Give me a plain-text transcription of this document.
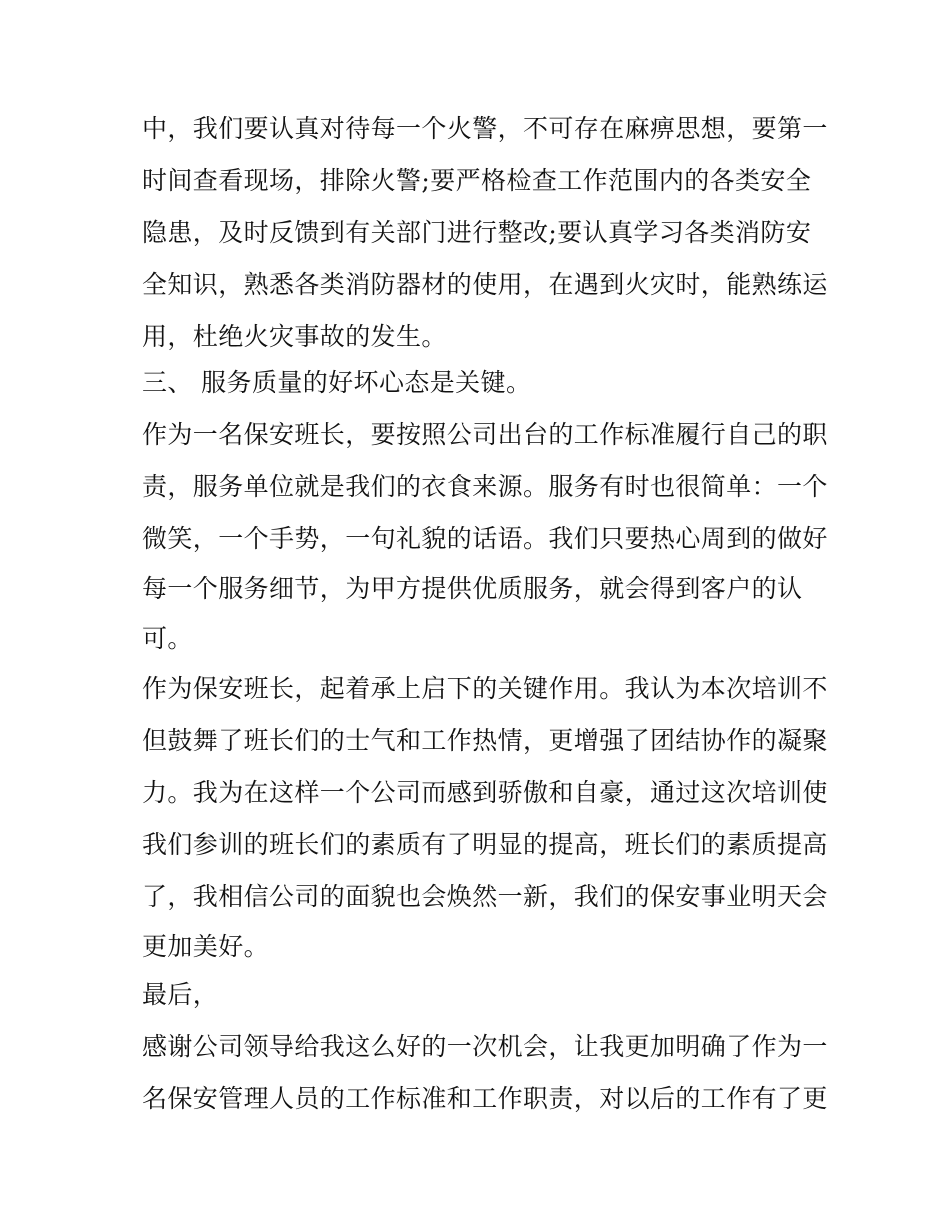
中，我们要认真对待每一个火警，不可存在麻痹思想，要第一
时间查看现场，排除火警;要严格检查工作范围内的各类安全
隐患，及时反馈到有关部门进行整改;要认真学习各类消防安
全知识，熟悉各类消防器材的使用，在遇到火灾时，能熟练运
用，杜绝火灾事故的发生。
三、 服务质量的好坏心态是关键。
作为一名保安班长，要按照公司出台的工作标准履行自己的职
责，服务单位就是我们的衣食来源。服务有时也很简单：一个
微笑，一个手势，一句礼貌的话语。我们只要热心周到的做好
每一个服务细节，为甲方提供优质服务，就会得到客户的认
可。
作为保安班长，起着承上启下的关键作用。我认为本次培训不
但鼓舞了班长们的士气和工作热情，更增强了团结协作的凝聚
力。我为在这样一个公司而感到骄傲和自豪，通过这次培训使
我们参训的班长们的素质有了明显的提高，班长们的素质提高
了，我相信公司的面貌也会焕然一新，我们的保安事业明天会
更加美好。
最后，
感谢公司领导给我这么好的一次机会，让我更加明确了作为一
名保安管理人员的工作标准和工作职责，对以后的工作有了更
